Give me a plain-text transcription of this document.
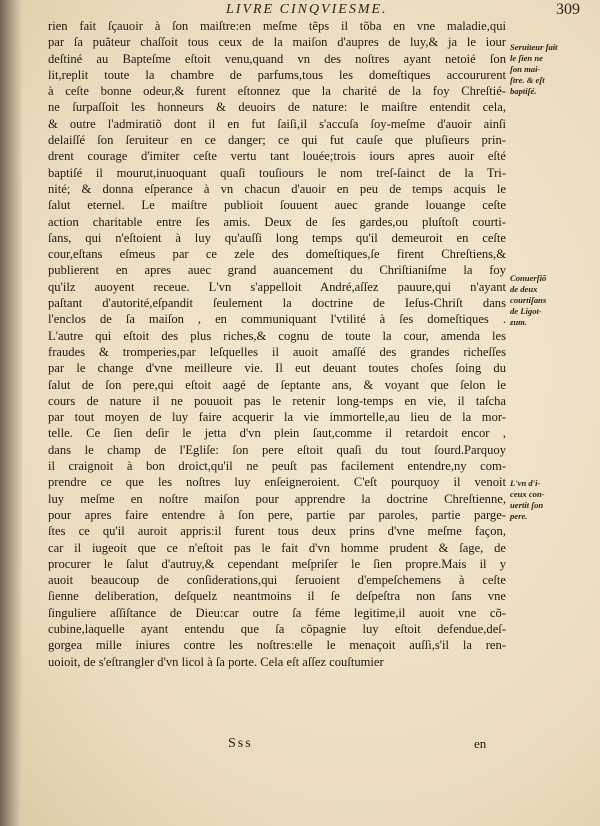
LIVRE CINQVIESME.	309
rien fait ſçauoir à ſon maiſtre:en meſme tẽps il tõba en vne maladie,qui
par ſa puãteur chaſſoit tous ceux de la maiſon d'aupres de luy,& ja le iour
deſtiné au Bapteſme eſtoit venu,quand vn des noſtres ayant netoié ſon
lit,replit toute la chambre de parfums,tous les domeſtiques accoururent
à ceſte bonne odeur,& furent eſtonnez que la charité de la foy Chreſtié-
ne ſurpaſſoit les honneurs & deuoirs de nature: le maiſtre entendit cela,
& outre l'admiratiõ dont il en fut ſaiſi,il s'accuſa ſoy-meſme d'auoir ainſi
delaiſſé ſon ſeruiteur en ce danger; ce qui fut cauſe que pluſieurs prin-
drent courage d'imiter ceſte vertu tant louée;trois iours apres auoir eſté
baptiſé il mourut,inuoquant quaſi touſiours le nom treſ-ſainct de la Tri-
nité; & donna eſperance à vn chacun d'auoir en peu de temps acquis le
ſalut eternel. Le maiſtre publioit ſouuent auec grande louange ceſte
action charitable entre ſes amis. Deux de ſes gardes,ou pluſtoſt courti-
ſans, qui n'eſtoient à luy qu'auſſi long temps qu'il demeuroit en ceſte
cour,eſtans eſmeus par ce zele des domeſtiques,ſe firent Chreſtiens,&
publierent en apres auec grand auancement du Chriſtianiſme la foy
qu'ilz auoyent receue. L'vn s'appelloit André,aſſez pauure,qui n'ayant
paſtant d'autorité,eſpandit ſeulement la doctrine de Ieſus-Chriſt dans
l'enclos de ſa maiſon , en communiquant l'vtilité à ſes domeſtiques .
L'autre qui eſtoit des plus riches,& cognu de toute la cour, amenda les
fraudes & tromperies,par leſquelles il auoit amaſſé des grandes richeſſes
par le change d'vne meilleure vie. Il eut deuant toutes choſes ſoing du
ſalut de ſon pere,qui eſtoit aagé de ſeptante ans, & voyant que ſelon le
cours de nature il ne pouuoit pas le retenir long-temps en vie, il taſcha
par tout moyen de luy faire acquerir la vie immortelle,au lieu de la mor-
telle. Ce ſien deſir le jetta d'vn plein ſaut,comme il retardoit encor ,
dans le champ de l'Egliſe: ſon pere eſtoit quaſi du tout ſourd.Parquoy
il craignoit à bon droict,qu'il ne peuſt pas facilement entendre,ny com-
prendre ce que les noſtres luy enſeigneroient. C'eſt pourquoy il venoit
luy meſme en noſtre maiſon pour apprendre la doctrine Chreſtienne,
pour apres faire entendre à ſon pere, partie par paroles, partie parge-
ſtes ce qu'il auroit appris:il furent tous deux prins d'vne meſme façon,
car il iugeoit que ce n'eſtoit pas le fait d'vn homme prudent & ſage, de
procurer le ſalut d'autruy,& cependant meſpriſer le ſien propre.Mais il y
auoit beaucoup de conſiderations,qui ſeruoient d'empeſchemens à ceſte
ſienne deliberation, deſquelz neantmoins il ſe deſpeſtra non ſans vne
ſinguliere aſſiſtance de Dieu:car outre ſa féme legitime,il auoit vne cõ-
cubine,laquelle ayant entendu que ſa cõpagnie luy eſtoit defendue,deſ-
gorgea mille iniures contre les noſtres:elle le menaçoit auſſi,s'il la ren-
uoioit, de s'eſtrangler d'vn licol à ſa porte. Cela eſt aſſez couſtumier
Seruiteur fait
le ſien ne
ſon mai-
ſtre. & eſt
baptiſé.
Conuerſiõ
de deux
courtiſans
de Ligot-
zum.
L'vn d'i-
ceux con-
uertit ſon
pere.
Sss	en
